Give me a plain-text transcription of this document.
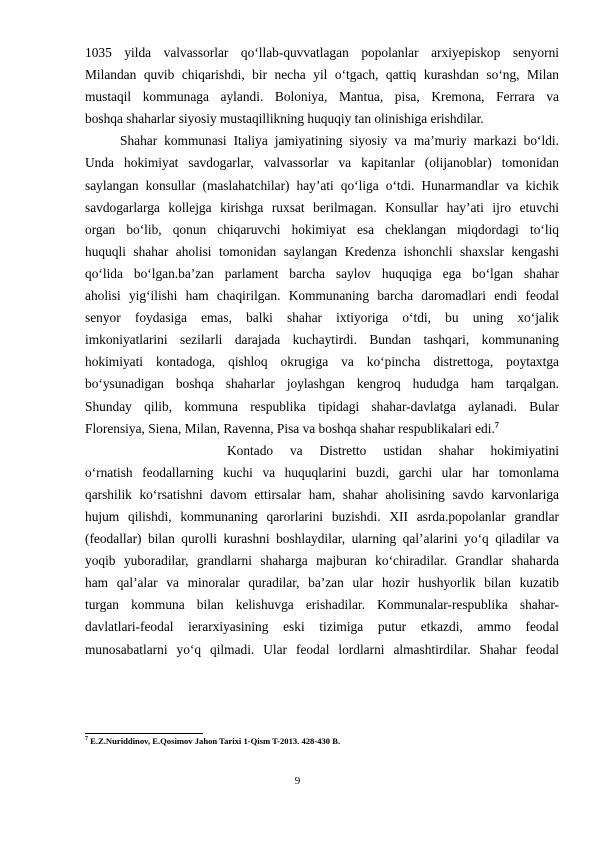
1035 yilda valvassorlar qo‘llab-quvvatlagan popolanlar arxiyepiskop senyorni
Milandan quvib chiqarishdi, bir necha yil o‘tgach, qattiq kurashdan so‘ng, Milan
mustaqil kommunaga aylandi. Boloniya, Mantua, pisa, Kremona, Ferrara va
boshqa shaharlar siyosiy mustaqillikning huquqiy tan olinishiga erishdilar.
Shahar kommunasi Italiya jamiyatining siyosiy va ma’muriy markazi bo‘ldi.
Unda hokimiyat savdogarlar, valvassorlar va kapitanlar (olijanoblar) tomonidan
saylangan konsullar (maslahatchilar) hay’ati qo‘liga o‘tdi. Hunarmandlar va kichik
savdogarlarga kollejga kirishga ruxsat berilmagan. Konsullar hay’ati ijro etuvchi
organ bo‘lib, qonun chiqaruvchi hokimiyat esa cheklangan miqdordagi to‘liq
huquqli shahar aholisi tomonidan saylangan Kredenza ishonchli shaxslar kengashi
qo‘lida bo‘lgan.ba’zan parlament barcha saylov huquqiga ega bo‘lgan shahar
aholisi yig‘ilishi ham chaqirilgan. Kommunaning barcha daromadlari endi feodal
senyor foydasiga emas, balki shahar ixtiyoriga o‘tdi, bu uning xo‘jalik
imkoniyatlarini sezilarli darajada kuchaytirdi. Bundan tashqari, kommunaning
hokimiyati kontadoga, qishloq okrugiga va ko‘pincha distrettoga, poytaxtga
bo‘ysunadigan boshqa shaharlar joylashgan kengroq hududga ham tarqalgan.
Shunday qilib, kommuna respublika tipidagi shahar-davlatga aylanadi. Bular
Florensiya, Siena, Milan, Ravenna, Pisa va boshqa shahar respublikalari edi.$^7$
Kontado va Distretto ustidan shahar hokimiyatini
o‘rnatish feodallarning kuchi va huquqlarini buzdi, garchi ular har tomonlama
qarshilik ko‘rsatishni davom ettirsalar ham, shahar aholisining savdo karvonlariga
hujum qilishdi, kommunaning qarorlarini buzishdi. XII asrda.popolanlar grandlar
(feodallar) bilan qurolli kurashni boshlaydilar, ularning qal’alarini yo‘q qiladilar va
yoqib yuboradilar, grandlarni shaharga majburan ko‘chiradilar. Grandlar shaharda
ham qal’alar va minoralar quradilar, ba’zan ular hozir hushyorlik bilan kuzatib
turgan kommuna bilan kelishuvga erishadilar. Kommunalar-respublika shahar-
davlatlari-feodal ierarxiyasining eski tizimiga putur etkazdi, ammo feodal
munosabatlarni yo‘q qilmadi. Ular feodal lordlarni almashtirdilar. Shahar feodal
$^7$ E.Z.Nuriddinov, E.Qosimov Jahon Tarixi 1-Qism T-2013. 428-430 B.
9
